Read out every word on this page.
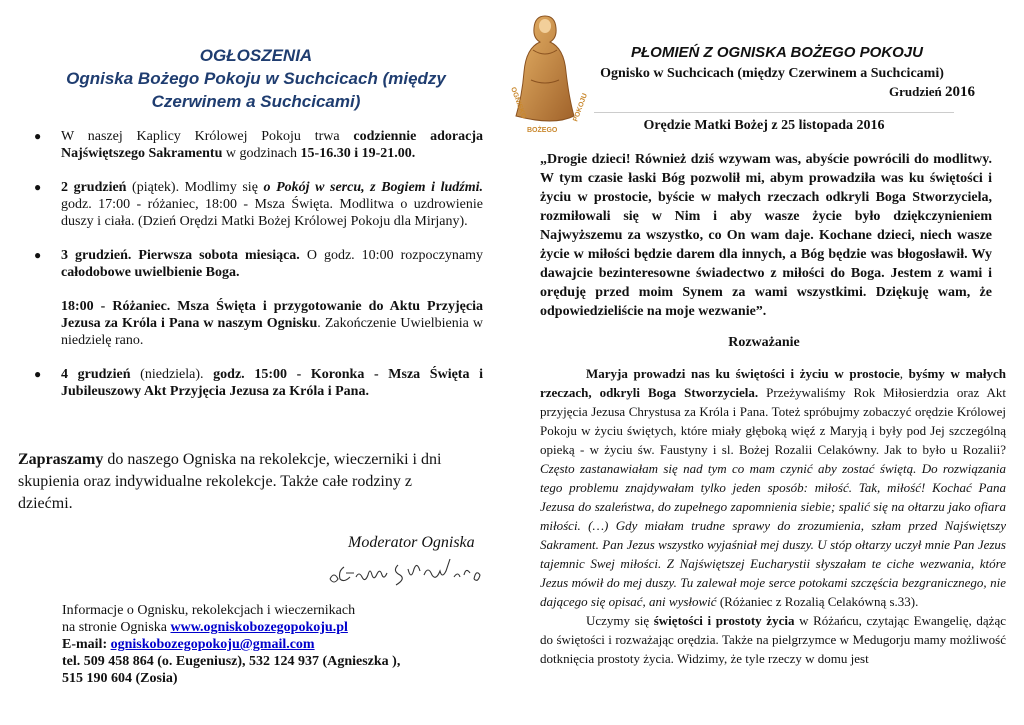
OGŁOSZENIA
Ogniska Bożego Pokoju w Suchcicach (między
Czerwinem a Suchcicami)
● W naszej Kaplicy Królowej Pokoju trwa codziennie adoracja Najświętszego Sakramentu w godzinach 15-16.30 i 19-21.00.
● 2 grudzień (piątek). Modlimy się o Pokój w sercu, z Bogiem i ludźmi. godz. 17:00 - różaniec, 18:00 - Msza Święta. Modlitwa o uzdrowienie duszy i ciała. (Dzień Orędzi Matki Bożej Królowej Pokoju dla Mirjany).
● 3 grudzień. Pierwsza sobota miesiąca. O godz. 10:00 rozpoczynamy całodobowe uwielbienie Boga.

18:00 - Różaniec. Msza Święta i przygotowanie do Aktu Przyjęcia Jezusa za Króla i Pana w naszym Ognisku. Zakończenie Uwielbienia w niedzielę rano.

● 4 grudzień (niedziela). godz. 15:00 - Koronka - Msza Święta i Jubileuszowy Akt Przyjęcia Jezusa za Króla i Pana.
Zapraszamy do naszego Ogniska na rekolekcje, wieczerniki i dni skupienia oraz indywidualne rekolekcje. Także całe rodziny z dziećmi.
Moderator Ogniska
Informacje o Ognisku, rekolekcjach i wieczernikach
na stronie Ogniska www.ogniskobozegopokoju.pl
E-mail: ogniskobozegopokoju@gmail.com
tel. 509 458 864 (o. Eugeniusz), 532 124 937 (Agnieszka ),
515 190 604 (Zosia)
OGNISKO
BOŻEGO
POKOJU
PŁOMIEŃ Z OGNISKA BOŻEGO POKOJU
Ognisko w Suchcicach (między Czerwinem a Suchcicami)
Grudzień 2016
Orędzie Matki Bożej z 25 listopada 2016
„Drogie dzieci! Również dziś wzywam was, abyście powrócili do modlitwy. W tym czasie łaski Bóg pozwolił mi, abym prowadziła was ku świętości i życiu w prostocie, byście w małych rzeczach odkryli Boga Stworzyciela, rozmiłowali się w Nim i aby wasze życie było dziękczynieniem Najwyższemu za wszystko, co On wam daje. Kochane dzieci, niech wasze życie w miłości będzie darem dla innych, a Bóg będzie was błogosławił. Wy dawajcie bezinteresowne świadectwo z miłości do Boga. Jestem z wami i oręduję przed moim Synem za wami wszystkimi. Dziękuję wam, że odpowiedzieliście na moje wezwanie”.
Rozważanie

Maryja prowadzi nas ku świętości i życiu w prostocie, byśmy w małych rzeczach, odkryli Boga Stworzyciela. Przeżywaliśmy Rok Miłosierdzia oraz Akt przyjęcia Jezusa Chrystusa za Króla i Pana. Toteż spróbujmy zobaczyć orędzie Królowej Pokoju w życiu świętych, które miały głęboką więź z Maryją i były pod Jej szczególną opieką - w życiu św. Faustyny i sl. Bożej Rozalii Celakówny. Jak to było u Rozalii? Często zastanawiałam się nad tym co mam czynić aby zostać świętą. Do rozwiązania tego problemu znajdywałam tylko jeden sposób: miłość. Tak, miłość! Kochać Pana Jezusa do szaleństwa, do zupełnego zapomnienia siebie; spalić się na ołtarzu jako ofiara miłości. (…) Gdy miałam trudne sprawy do zrozumienia, szłam przed Najświętszy Sakrament. Pan Jezus wszystko wyjaśniał mej duszy. U stóp ołtarzy uczył mnie Pan Jezus tajemnic Swej miłości. Z Najświętszej Eucharystii słyszałam te ciche wezwania, które Jezus mówił do mej duszy. Tu zalewał moje serce potokami szczęścia bezgranicznego, nie dającego się opisać, ani wysłowić (Różaniec z Rozalią Celakówną s.33).

Uczymy się świętości i prostoty życia w Różańcu, czytając Ewangelię, dążąc do świętości i rozważając orędzia. Także na pielgrzymce w Medugorju mamy możliwość dotknięcia prostoty życia. Widzimy, że tyle rzeczy w domu jest
